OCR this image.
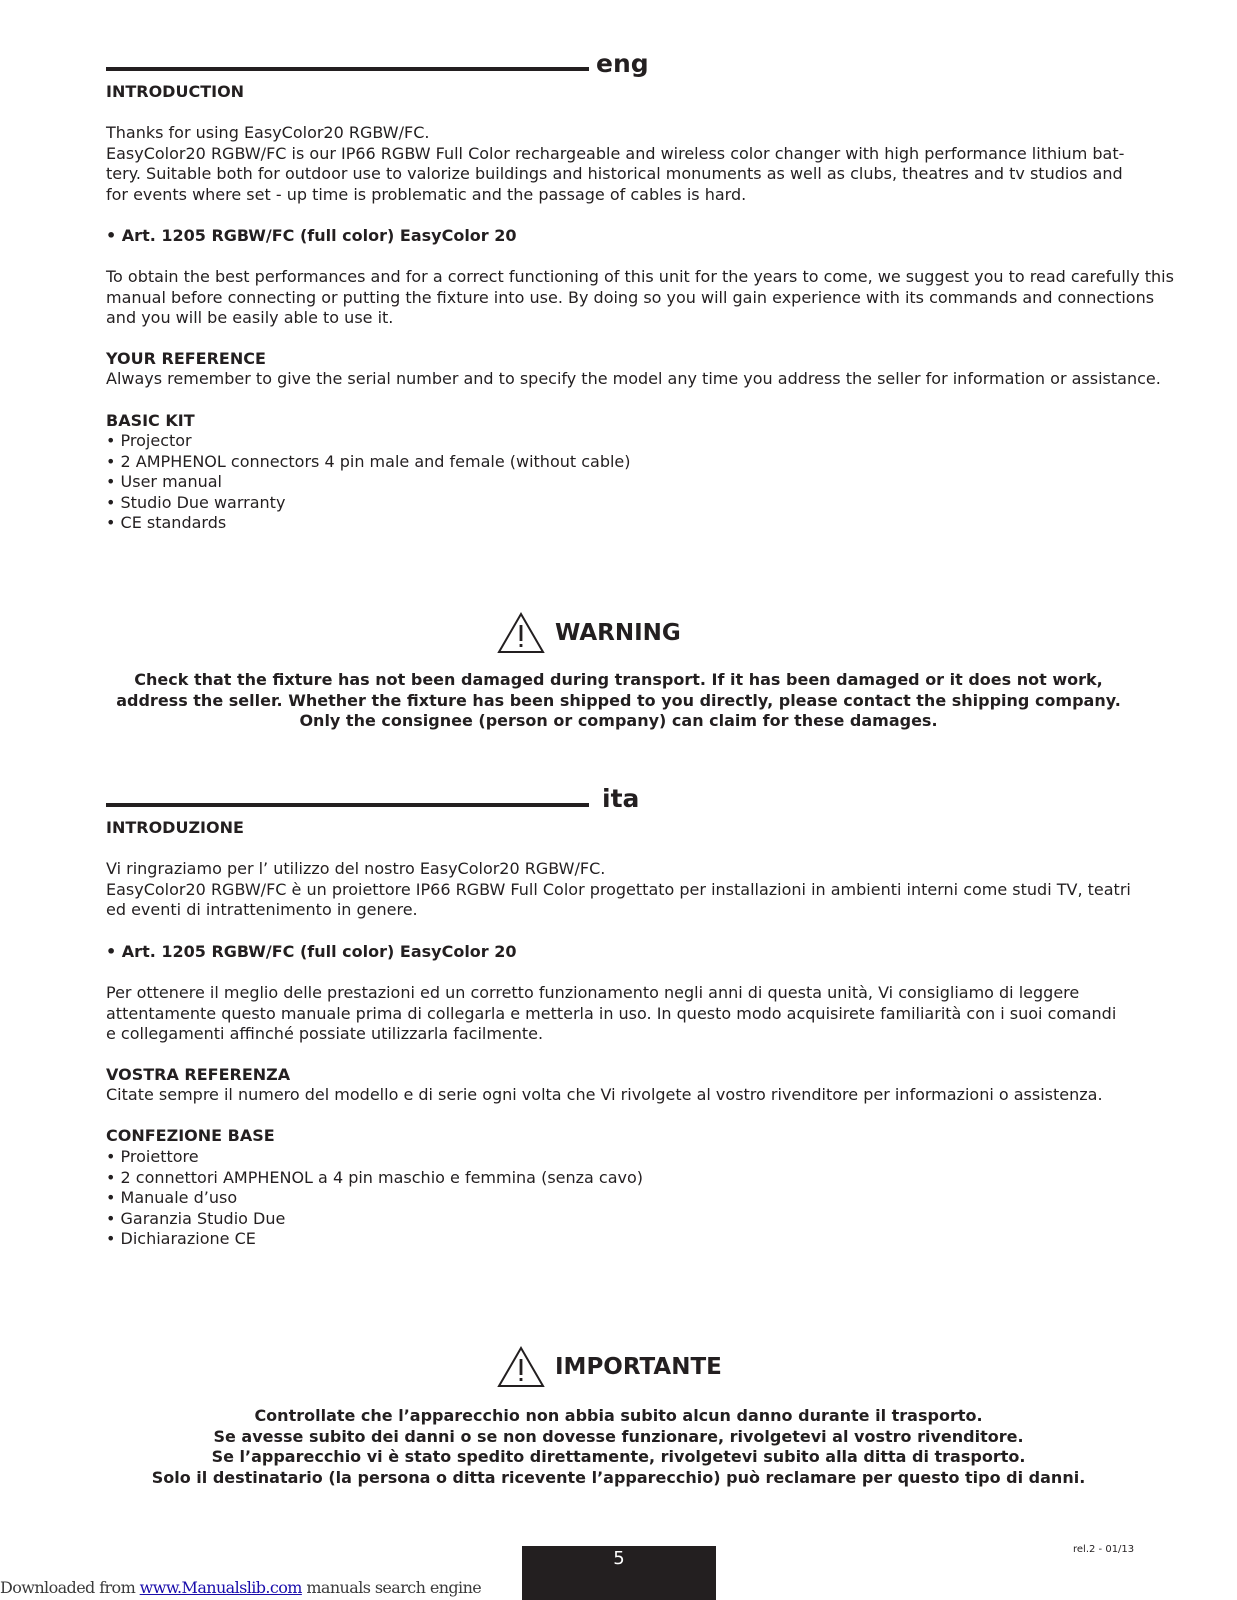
eng
INTRODUCTION
Thanks for using EasyColor20 RGBW/FC.
EasyColor20 RGBW/FC is our IP66 RGBW Full Color rechargeable and wireless color changer with high performance lithium bat-
tery. Suitable both for outdoor use to valorize buildings and historical monuments as well as clubs, theatres and tv studios and
for events where set - up time is problematic and the passage of cables is hard.
• Art. 1205 RGBW/FC (full color) EasyColor 20
To obtain the best performances and for a correct functioning of this unit for the years to come, we suggest you to read carefully this
manual before connecting or putting the fixture into use. By doing so you will gain experience with its commands and connections
and you will be easily able to use it.
YOUR REFERENCE
Always remember to give the serial number and to specify the model any time you address the seller for information or assistance.
BASIC KIT
• Projector
• 2 AMPHENOL connectors 4 pin male and female (without cable)
• User manual
• Studio Due warranty
• CE standards
WARNING
Check that the fixture has not been damaged during transport. If it has been damaged or it does not work,
address the seller. Whether the fixture has been shipped to you directly, please contact the shipping company.
Only the consignee (person or company) can claim for these damages.
ita
INTRODUZIONE
Vi ringraziamo per l’ utilizzo del nostro EasyColor20 RGBW/FC.
EasyColor20 RGBW/FC è un proiettore IP66 RGBW Full Color progettato per installazioni in ambienti interni come studi TV, teatri
ed eventi di intrattenimento in genere.
• Art. 1205 RGBW/FC (full color) EasyColor 20
Per ottenere il meglio delle prestazioni ed un corretto funzionamento negli anni di questa unità, Vi consigliamo di leggere
attentamente questo manuale prima di collegarla e metterla in uso. In questo modo acquisirete familiarità con i suoi comandi
e collegamenti affinché possiate utilizzarla facilmente.
VOSTRA REFERENZA
Citate sempre il numero del modello e di serie ogni volta che Vi rivolgete al vostro rivenditore per informazioni o assistenza.
CONFEZIONE BASE
• Proiettore
• 2 connettori AMPHENOL a 4 pin maschio e femmina (senza cavo)
• Manuale d’uso
• Garanzia Studio Due
• Dichiarazione CE
IMPORTANTE
Controllate che l’apparecchio non abbia subito alcun danno durante il trasporto.
Se avesse subito dei danni o se non dovesse funzionare, rivolgetevi al vostro rivenditore.
Se l’apparecchio vi è stato spedito direttamente, rivolgetevi subito alla ditta di trasporto.
Solo il destinatario (la persona o ditta ricevente l’apparecchio) può reclamare per questo tipo di danni.
5	rel.2 - 01/13
Downloaded from www.Manualslib.com manuals search engine
